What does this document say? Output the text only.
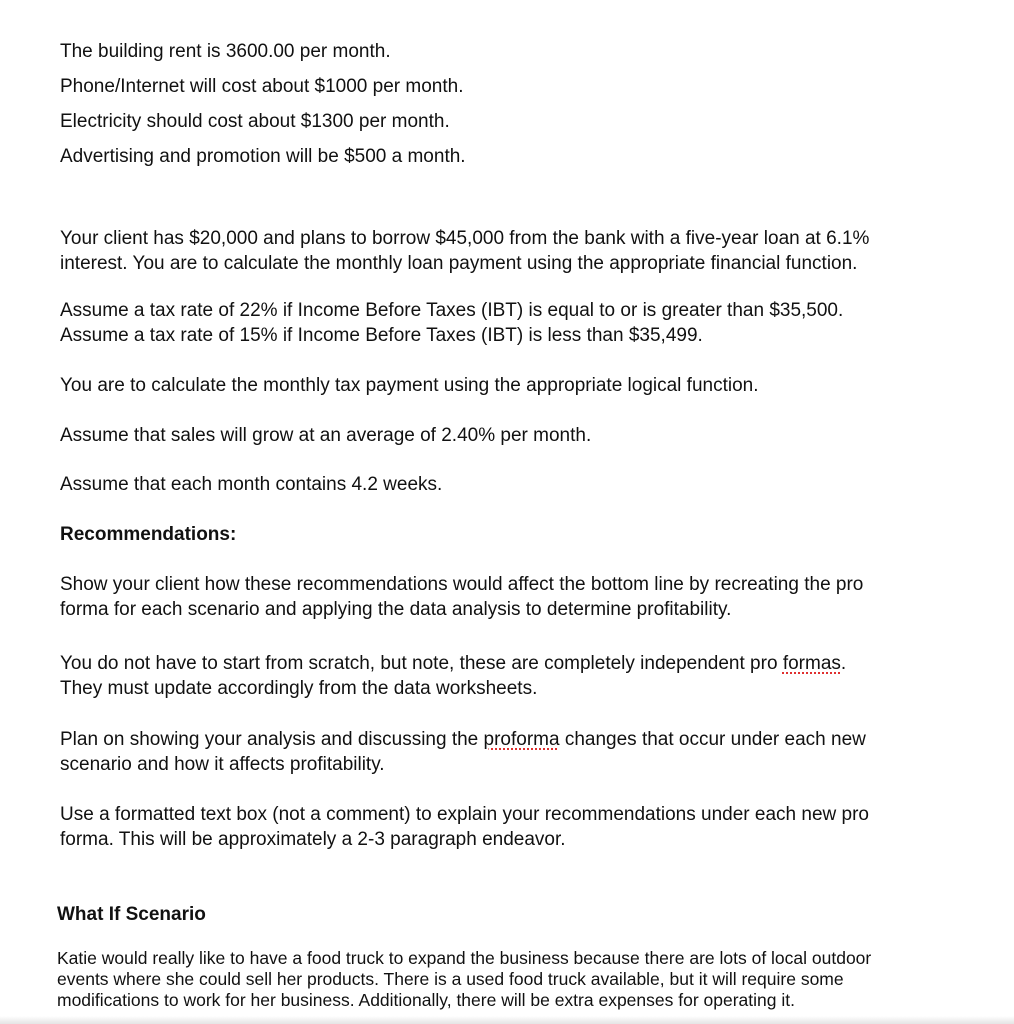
The building rent is 3600.00 per month.
Phone/Internet will cost about $1000 per month.
Electricity should cost about $1300 per month.
Advertising and promotion will be $500 a month.
Your client has $20,000 and plans to borrow $45,000 from the bank with a five-year loan at 6.1%
interest. You are to calculate the monthly loan payment using the appropriate financial function.
Assume a tax rate of 22% if Income Before Taxes (IBT) is equal to or is greater than $35,500.
Assume a tax rate of 15% if Income Before Taxes (IBT) is less than $35,499.
You are to calculate the monthly tax payment using the appropriate logical function.
Assume that sales will grow at an average of 2.40% per month.
Assume that each month contains 4.2 weeks.
Recommendations:
Show your client how these recommendations would affect the bottom line by recreating the pro
forma for each scenario and applying the data analysis to determine profitability.
You do not have to start from scratch, but note, these are completely independent pro formas.
They must update accordingly from the data worksheets.
Plan on showing your analysis and discussing the proforma changes that occur under each new
scenario and how it affects profitability.
Use a formatted text box (not a comment) to explain your recommendations under each new pro
forma. This will be approximately a 2-3 paragraph endeavor.
What If Scenario
Katie would really like to have a food truck to expand the business because there are lots of local outdoor
events where she could sell her products. There is a used food truck available, but it will require some
modifications to work for her business. Additionally, there will be extra expenses for operating it.
